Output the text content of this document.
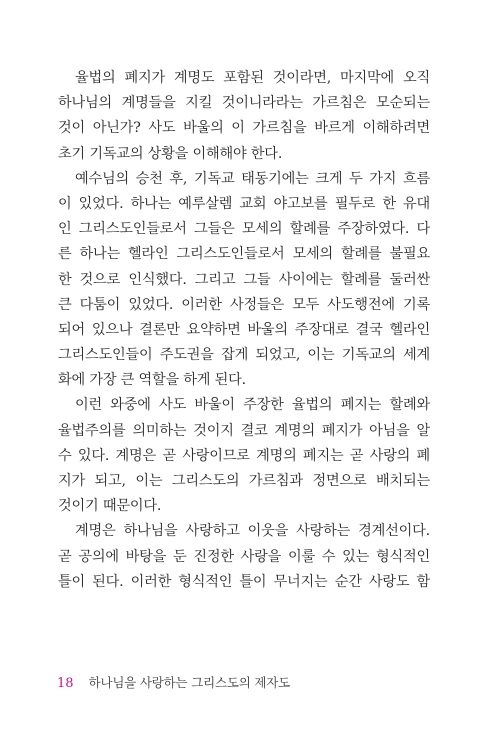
율법의 폐지가 계명도 포함된 것이라면, 마지막에 오직
하나님의 계명들을 지킬 것이니라라는 가르침은 모순되는
것이 아닌가? 사도 바울의 이 가르침을 바르게 이해하려면
초기 기독교의 상황을 이해해야 한다.

예수님의 승천 후, 기독교 태동기에는 크게 두 가지 흐름
이 있었다. 하나는 예루살렘 교회 야고보를 필두로 한 유대
인 그리스도인들로서 그들은 모세의 할례를 주장하였다. 다
른 하나는 헬라인 그리스도인들로서 모세의 할례를 불필요
한 것으로 인식했다. 그리고 그들 사이에는 할례를 둘러싼
큰 다툼이 있었다. 이러한 사정들은 모두 사도행전에 기록
되어 있으나 결론만 요약하면 바울의 주장대로 결국 헬라인
그리스도인들이 주도권을 잡게 되었고, 이는 기독교의 세계
화에 가장 큰 역할을 하게 된다.

이런 와중에 사도 바울이 주장한 율법의 폐지는 할례와
율법주의를 의미하는 것이지 결코 계명의 폐지가 아님을 알
수 있다. 계명은 곧 사랑이므로 계명의 폐지는 곧 사랑의 폐
지가 되고, 이는 그리스도의 가르침과 정면으로 배치되는
것이기 때문이다.

계명은 하나님을 사랑하고 이웃을 사랑하는 경계선이다.
곧 공의에 바탕을 둔 진정한 사랑을 이룰 수 있는 형식적인
틀이 된다. 이러한 형식적인 틀이 무너지는 순간 사랑도 함

18 하나님을 사랑하는 그리스도의 제자도
